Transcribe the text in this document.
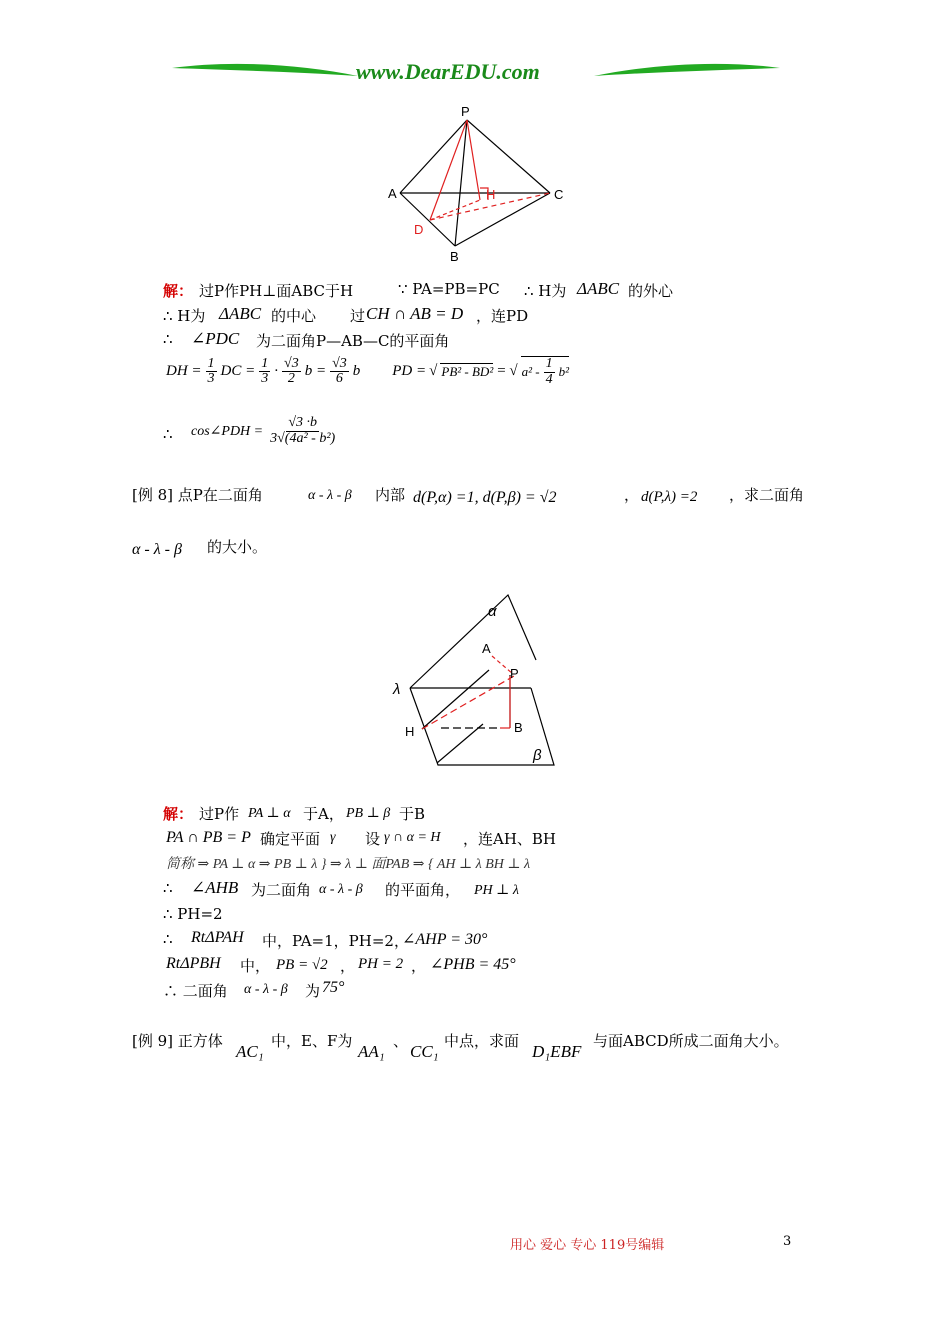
www.DearEDU.com
P
A	C
B
H
D
解： 过P作PH⊥面ABC于H	∵ PA=PB=PC ∴ H为 ΔABC 的外心
∴ H为 ΔABC 的中心 过 CH ∩ AB = D ，连PD
∴ ∠PDC 为二面角P—AB—C的平面角
DH = $\frac{1}{3}$ DC = $\frac{1}{3} \cdot \frac{√3}{2}$ $b = \frac{√3}{6}$ b PD = √ PB² - BD² = √ $a^2 - \frac{1}{4} b^2$
∴ cos∠PDH = $\frac{√3 \cdot b}{\text{3√(4a² - b²)}}$
[例 8] 点P在二面角	α - λ - β 内部 d(P,α) =1, d(P,β) = √2	， d(P,λ) =2 ，求二面角
α - λ - β 的大小。
α
λ
β
A
P
H	B
解： 过P作 PA ⊥ α 于A， PB ⊥ β 于B
PA ∩ PB = P 确定平面 γ 设 γ ∩ α = H ，连AH、BH
简称 ⇒ PA ⊥ α ⇒ PB ⊥ λ } ⇒ λ ⊥ 面PAB ⇒ { AH ⊥ λ BH ⊥ λ
∴ ∠AHB 为二面角 α - λ - β 的平面角， PH ⊥ λ
∴ PH=2
∴ RtΔPAH 中，PA=1，PH=2，
∠AHP = 30°
RtΔPBH 中， PB = √2 ， PH = 2 ， ∠PHB = 45°
∴ 二面角 α - λ - β 为 75°
[例 9] 正方体
AC₁
中，E、F为
AA₁
、
CC₁
中点，求面
D₁EBF
与面ABCD所成二面角大小。
用心 爱心 专心 119号编辑	3
